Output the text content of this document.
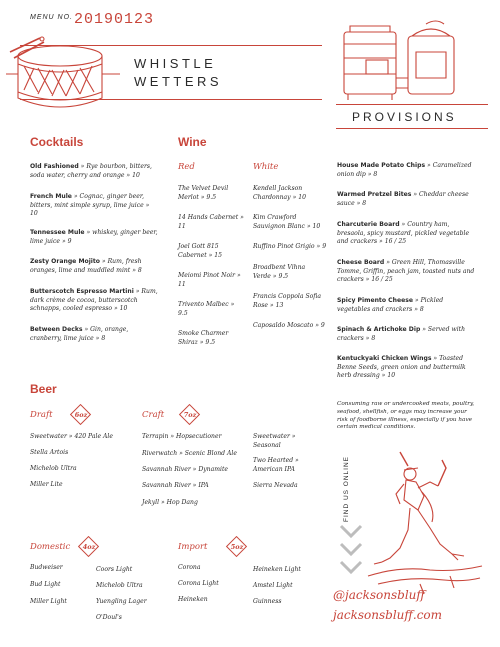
MENU NO. 20190123
WHISTLE
WETTERS
PROVISIONS
Cocktails
Old Fashioned » Rye bourbon, bitters, soda water, cherry and orange » 10
French Mule » Cognac, ginger beer, bitters, mint simple syrup, lime juice » 10
Tennessee Mule » whiskey, ginger beer, lime juice » 9
Zesty Orange Mojito » Rum, fresh oranges, lime and muddled mint » 8
Butterscotch Espresso Martini » Rum, dark crème de cocoa, butterscotch schnapps, cooled espresso » 10
Between Decks » Gin, orange, cranberry, lime juice » 8
Wine
Red	White
The Velvet Devil Merlot » 9.5
14 Hands Cabernet » 11
Joel Gott 815 Cabernet » 15
Meiomi Pinot Noir » 11
Trivento Malbec » 9.5
Smoke Charmer Shiraz » 9.5
Kendell Jackson Chardonnay » 10
Kim Crawford Sauvignon Blanc » 10
Ruffino Pinot Grigio » 9
Broadbent Vihna Verde » 9.5
Francis Coppola Sofia Rose » 13
Caposaldo Moscato » 9
House Made Potato Chips » Caramelized onion dip » 8
Warmed Pretzel Bites » Cheddar cheese sauce » 8
Charcuterie Board » Country ham, bresaola, spicy mustard, pickled vegetable and crackers » 16 / 25
Cheese Board » Green Hill, Thomasville Tomme, Griffin, peach jam, toasted nuts and crackers » 16 / 25
Spicy Pimento Cheese » Pickled vegetables and crackers » 8
Spinach & Artichoke Dip » Served with crackers » 8
Kentuckyaki Chicken Wings » Toasted Benne Seeds, green onion and buttermilk herb dressing » 10
Consuming raw or undercooked meats, poultry, seafood, shellfish, or eggs may increase your risk of foodborne illness, especially if you have certain medical conditions.
Beer
Draft	6oz
Sweetwater » 420 Pale Ale
Stella Artois
Michelob Ultra
Miller Lite
Craft	7oz
Terrapin » Hopsecutioner
Riverwatch » Scenic Blond Ale
Savannah River » Dynamite
Savannah River » IPA
Jekyll » Hop Dang
Sweetwater » Seasonal
Two Hearted » American IPA
Sierra Nevada
Domestic 4oz
Budweiser
Bud Light
Miller Light
Coors Light
Michelob Ultra
Yuengling Lager
O'Doul's
Import	5oz
Corona
Corona Light
Heineken
Heineken Light
Amstel Light
Guinness
FIND US ONLINE
@jacksonsbluff
jacksonsbluff.com
